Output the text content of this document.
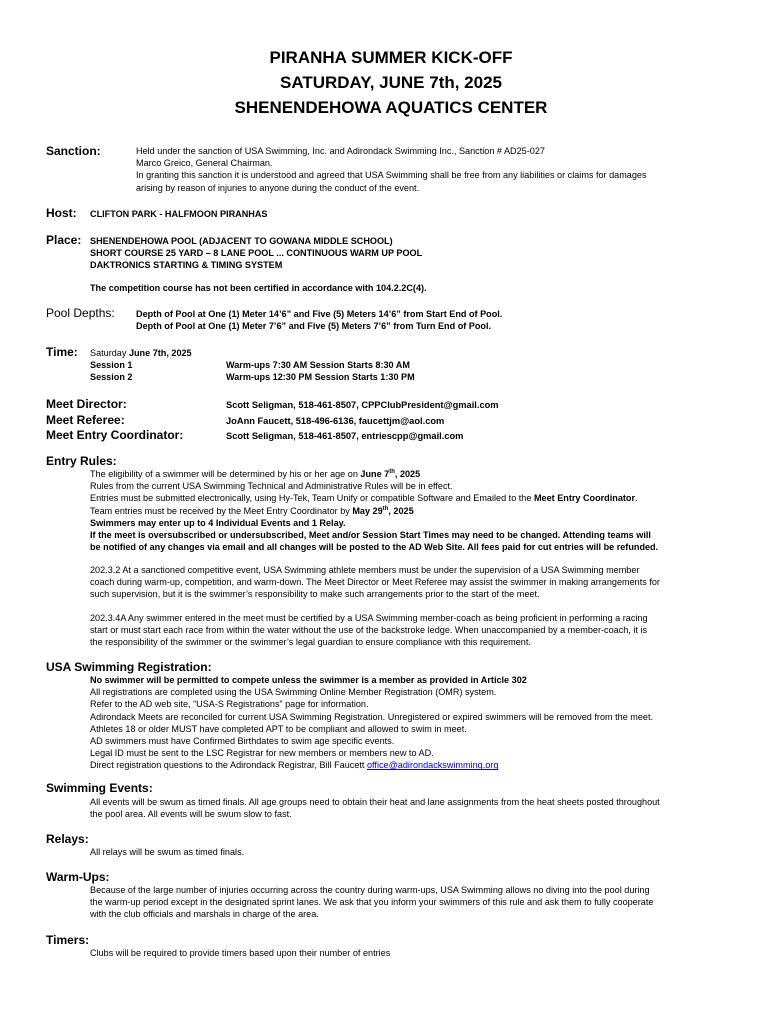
PIRANHA SUMMER KICK-OFF
SATURDAY, JUNE 7th, 2025
SHENENDEHOWA AQUATICS CENTER
Sanction:	Held under the sanction of USA Swimming, Inc. and Adirondack Swimming Inc., Sanction # AD25-027
Marco Greico, General Chairman.
In granting this sanction it is understood and agreed that USA Swimming shall be free from any liabilities or claims for damages
arising by reason of injuries to anyone during the conduct of the event.
Host: CLIFTON PARK - HALFMOON PIRANHAS
Place: SHENENDEHOWA POOL (ADJACENT TO GOWANA MIDDLE SCHOOL)
SHORT COURSE 25 YARD – 8 LANE POOL ... CONTINUOUS WARM UP POOL
DAKTRONICS STARTING & TIMING SYSTEM
The competition course has not been certified in accordance with 104.2.2C(4).
Pool Depths: Depth of Pool at One (1) Meter 14’6” and Five (5) Meters 14’6” from Start End of Pool.
Depth of Pool at One (1) Meter 7’6” and Five (5) Meters 7’6” from Turn End of Pool.
Time: Saturday June 7th, 2025
Session 1	Warm-ups 7:30 AM Session Starts 8:30 AM
Session 2	Warm-ups 12:30 PM Session Starts 1:30 PM
Meet Director:	Scott Seligman, 518-461-8507, CPPClubPresident@gmail.com
Meet Referee:	JoAnn Faucett, 518-496-6136, faucettjm@aol.com
Meet Entry Coordinator:	Scott Seligman, 518-461-8507, entriescpp@gmail.com
Entry Rules:
The eligibility of a swimmer will be determined by his or her age on June 7th, 2025
Rules from the current USA Swimming Technical and Administrative Rules will be in effect.
Entries must be submitted electronically, using Hy-Tek, Team Unify or compatible Software and Emailed to the Meet Entry Coordinator.
Team entries must be received by the Meet Entry Coordinator by May 29th, 2025
Swimmers may enter up to 4 Individual Events and 1 Relay.
If the meet is oversubscribed or undersubscribed, Meet and/or Session Start Times may need to be changed. Attending teams will
be notified of any changes via email and all changes will be posted to the AD Web Site. All fees paid for cut entries will be refunded.
202.3.2 At a sanctioned competitive event, USA Swimming athlete members must be under the supervision of a USA Swimming member
coach during warm-up, competition, and warm-down. The Meet Director or Meet Referee may assist the swimmer in making arrangements for
such supervision, but it is the swimmer’s responsibility to make such arrangements prior to the start of the meet.
202.3.4A Any swimmer entered in the meet must be certified by a USA Swimming member-coach as being proficient in performing a racing
start or must start each race from within the water without the use of the backstroke ledge. When unaccompanied by a member-coach, it is
the responsibility of the swimmer or the swimmer’s legal guardian to ensure compliance with this requirement.
USA Swimming Registration:
No swimmer will be permitted to compete unless the swimmer is a member as provided in Article 302
All registrations are completed using the USA Swimming Online Member Registration (OMR) system.
Refer to the AD web site, “USA-S Registrations” page for information.
Adirondack Meets are reconciled for current USA Swimming Registration. Unregistered or expired swimmers will be removed from the meet.
Athletes 18 or older MUST have completed APT to be compliant and allowed to swim in meet.
AD swimmers must have Confirmed Birthdates to swim age specific events.
Legal ID must be sent to the LSC Registrar for new members or members new to AD.
Direct registration questions to the Adirondack Registrar, Bill Faucett office@adirondackswimming.org
Swimming Events:
All events will be swum as timed finals. All age groups need to obtain their heat and lane assignments from the heat sheets posted throughout
the pool area. All events will be swum slow to fast.
Relays:
All relays will be swum as timed finals.
Warm-Ups:
Because of the large number of injuries occurring across the country during warm-ups, USA Swimming allows no diving into the pool during
the warm-up period except in the designated sprint lanes. We ask that you inform your swimmers of this rule and ask them to fully cooperate
with the club officials and marshals in charge of the area.
Timers:
Clubs will be required to provide timers based upon their number of entries
